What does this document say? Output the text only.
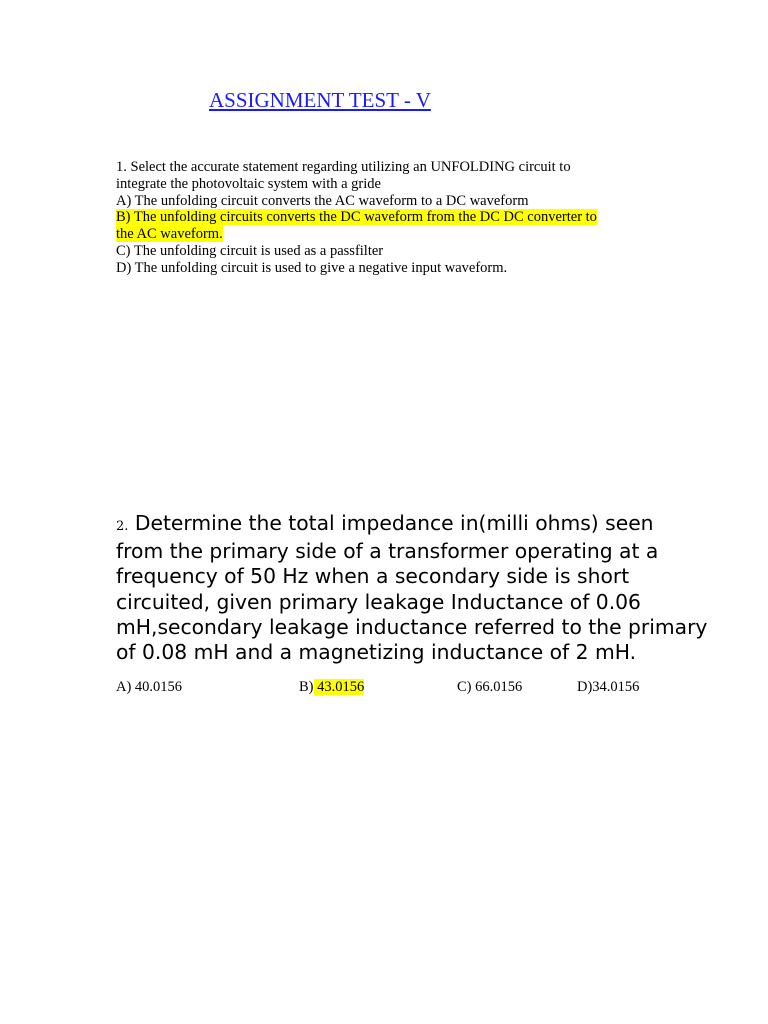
ASSIGNMENT TEST - V
1. Select the accurate statement regarding utilizing an UNFOLDING circuit to
integrate the photovoltaic system with a gride
A) The unfolding circuit converts the AC waveform to a DC waveform
B) The unfolding circuits converts the DC waveform from the DC DC converter to
the AC waveform.
C) The unfolding circuit is used as a passfilter
D) The unfolding circuit is used to give a negative input waveform.
2. Determine the total impedance in(milli ohms) seen
from the primary side of a transformer operating at a
frequency of 50 Hz when a secondary side is short
circuited, given primary leakage Inductance of 0.06
mH,secondary leakage inductance referred to the primary
of 0.08 mH and a magnetizing inductance of 2 mH.
A) 40.0156	B) 43.0156	C) 66.0156	D)34.0156
